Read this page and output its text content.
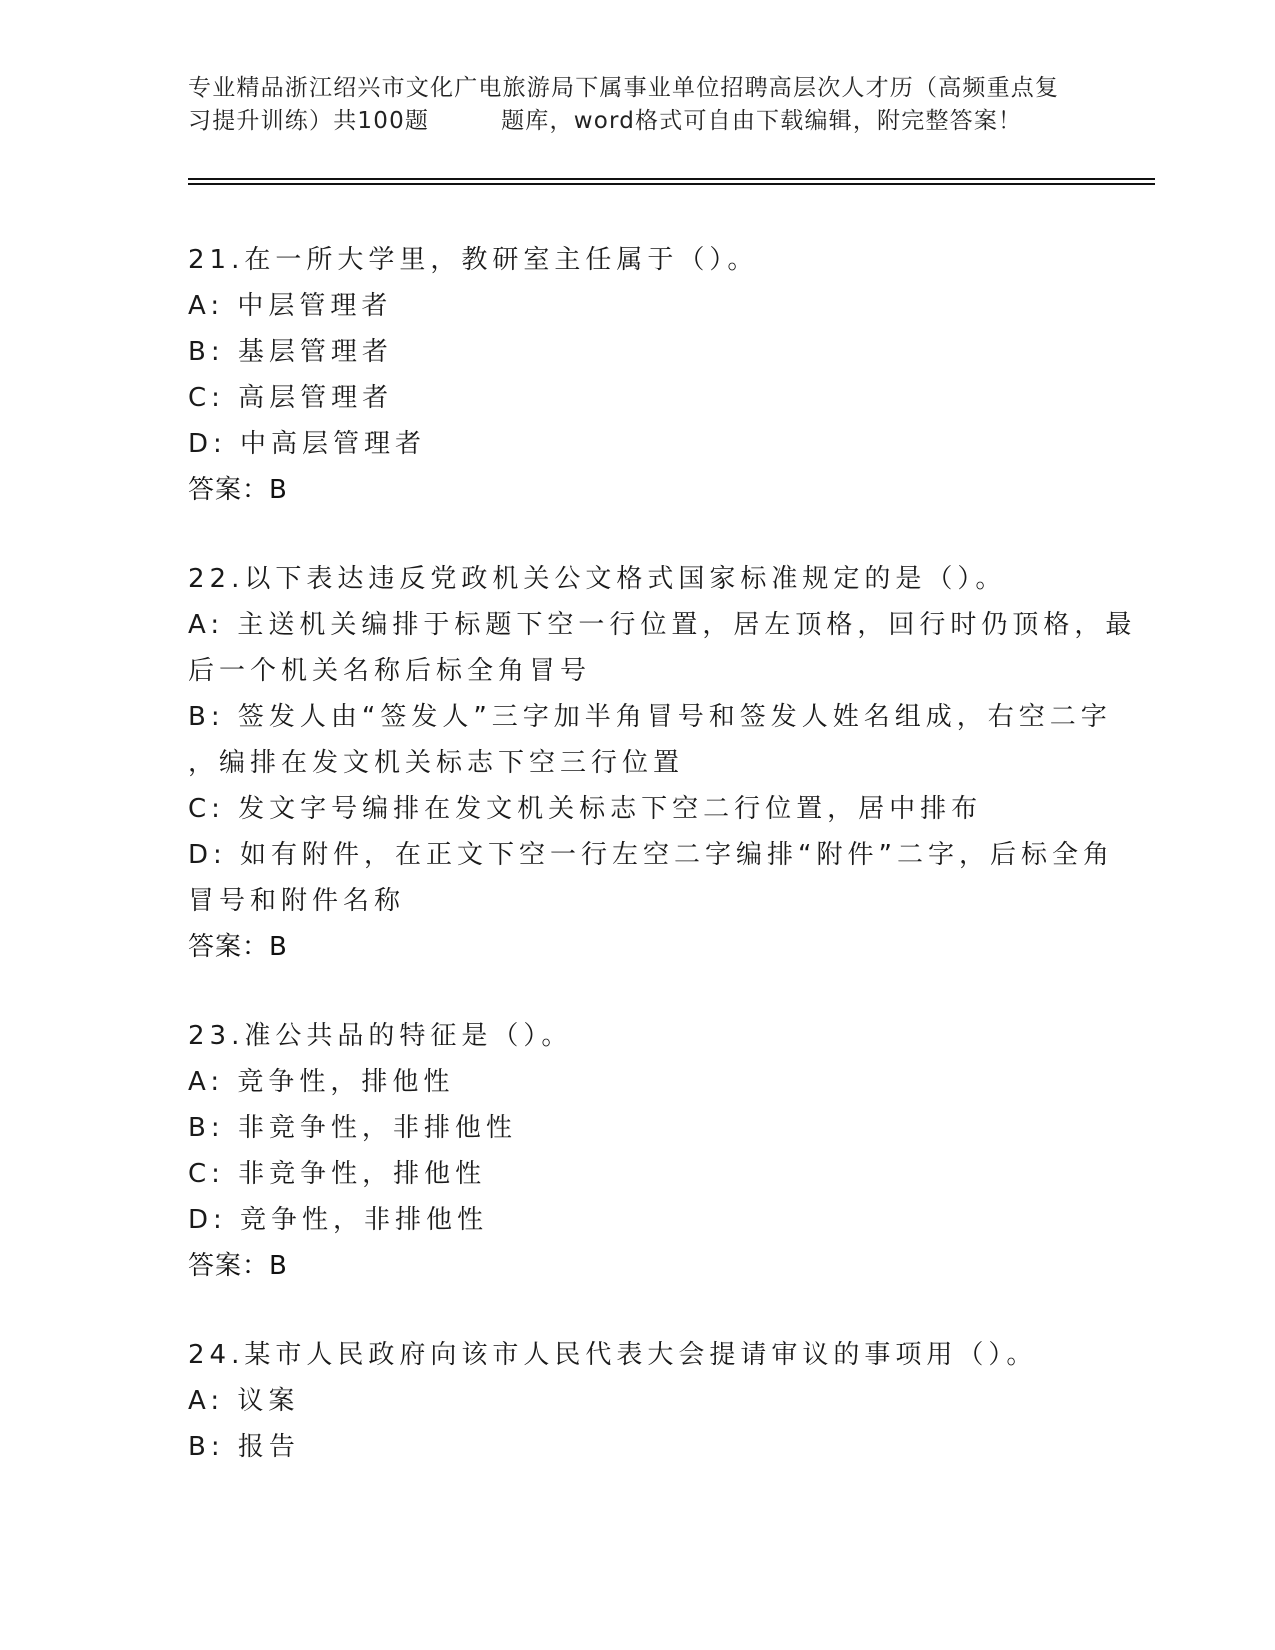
专业精品浙江绍兴市文化广电旅游局下属事业单位招聘高层次人才历（高频重点复
习提升训练）共100题	题库，word格式可自由下载编辑，附完整答案！
21.在一所大学里，教研室主任属于（）。
A: 中层管理者
B: 基层管理者
C: 高层管理者
D: 中高层管理者
答案：B
22.以下表达违反党政机关公文格式国家标准规定的是（）。
A: 主送机关编排于标题下空一行位置，居左顶格，回行时仍顶格，最
后一个机关名称后标全角冒号
B: 签发人由“签发人”三字加半角冒号和签发人姓名组成，右空二字
，编排在发文机关标志下空三行位置
C: 发文字号编排在发文机关标志下空二行位置，居中排布
D: 如有附件，在正文下空一行左空二字编排“附件”二字，后标全角
冒号和附件名称
答案：B
23.准公共品的特征是（）。
A: 竞争性，排他性
B: 非竞争性，非排他性
C: 非竞争性，排他性
D: 竞争性，非排他性
答案：B
24.某市人民政府向该市人民代表大会提请审议的事项用（）。
A: 议案
B: 报告
